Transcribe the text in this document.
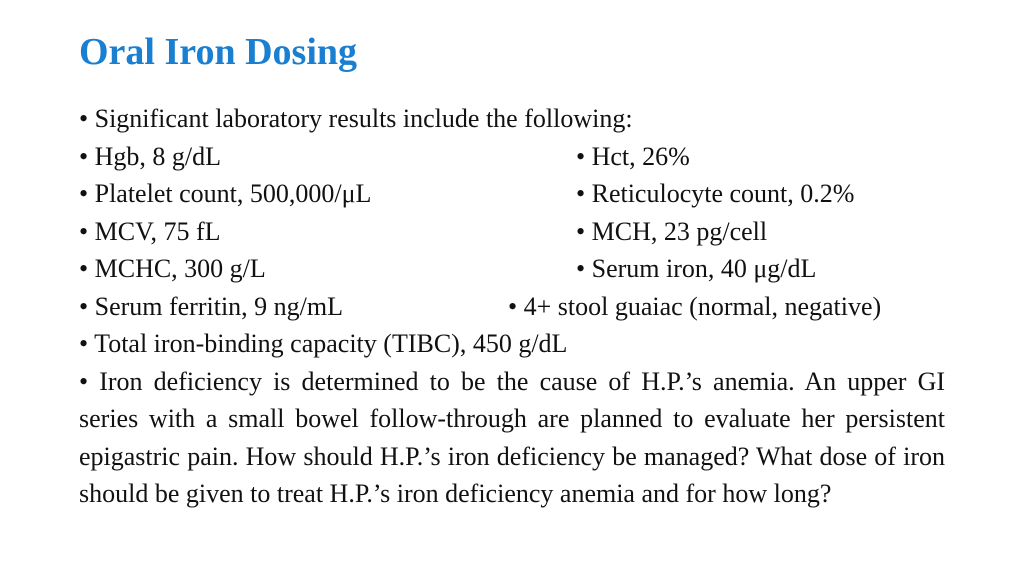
Oral Iron Dosing
• Significant laboratory results include the following:
• Hgb, 8 g/dL	• Hct, 26%
• Platelet count, 500,000/μL	• Reticulocyte count, 0.2%
• MCV, 75 fL	• MCH, 23 pg/cell
• MCHC, 300 g/L	• Serum iron, 40 μg/dL
• Serum ferritin, 9 ng/mL	• 4+ stool guaiac (normal, negative)
• Total iron-binding capacity (TIBC), 450 g/dL

• Iron deficiency is determined to be the cause of H.P.’s anemia. An upper GI series with a small bowel follow-through are planned to evaluate her persistent epigastric pain. How should H.P.’s iron deficiency be managed? What dose of iron should be given to treat H.P.’s iron deficiency anemia and for how long?
